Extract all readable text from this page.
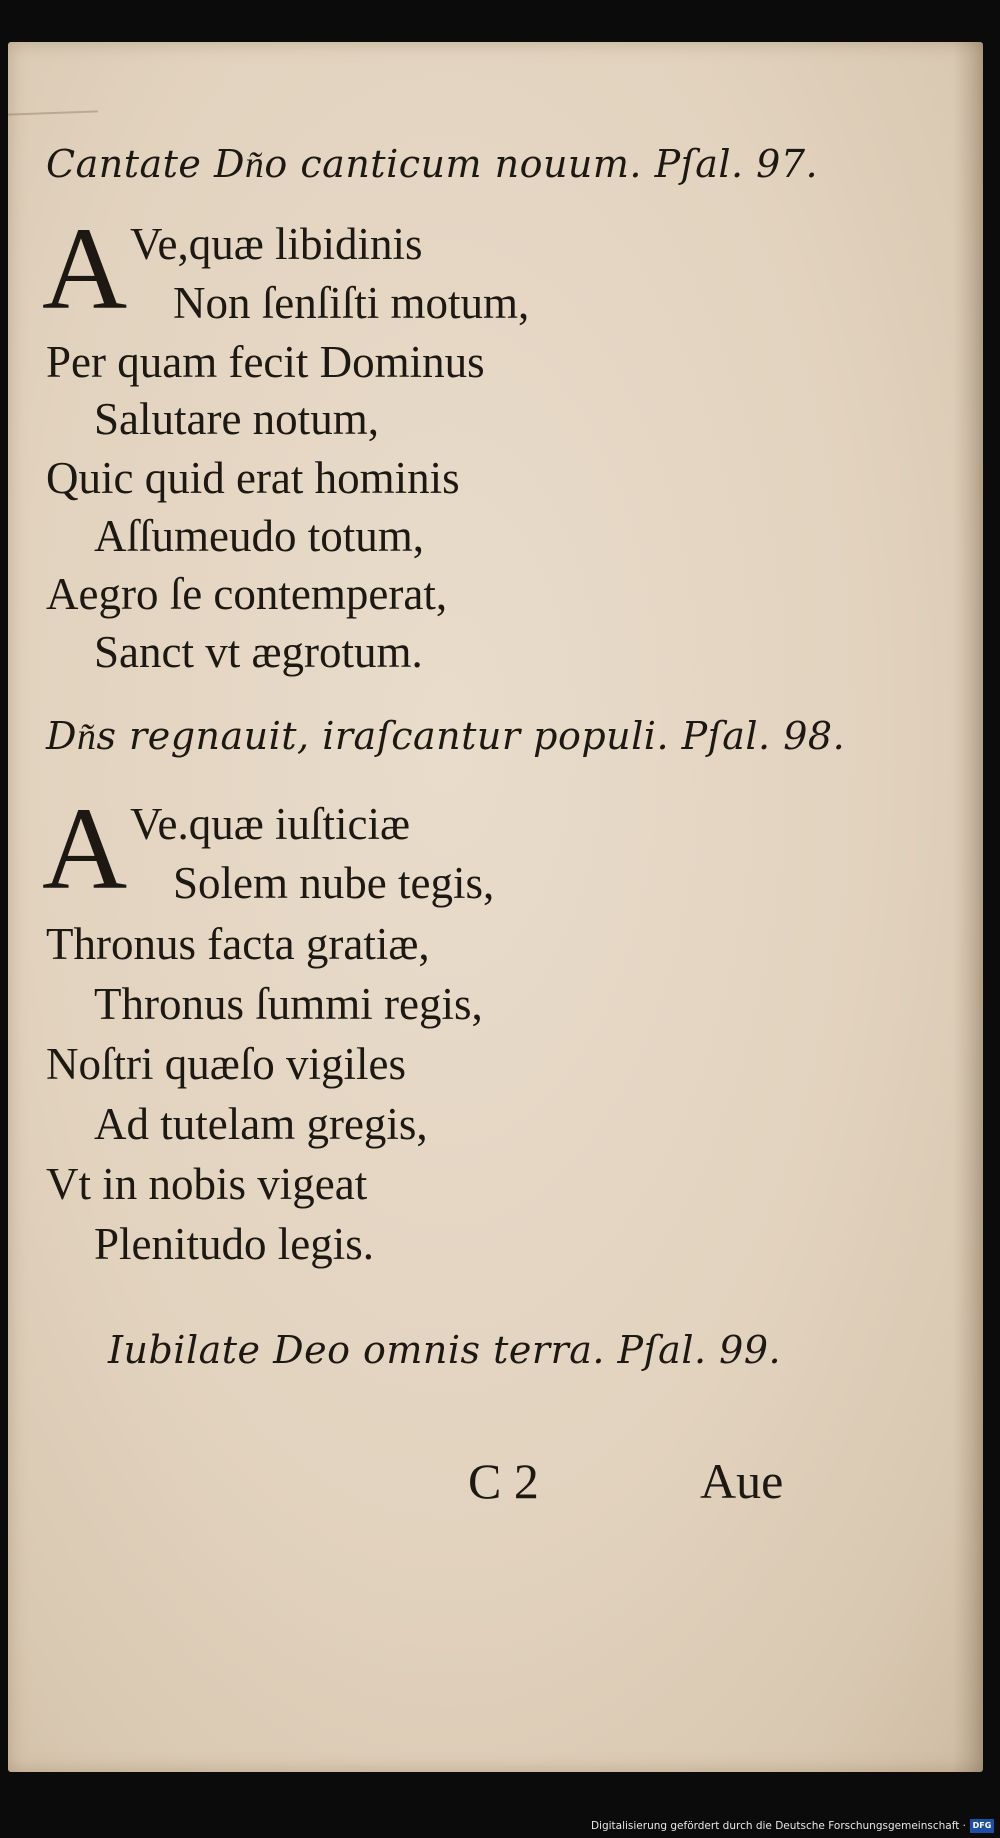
Cantate Dn͂o canticum nouum. Pſal. 97.
A Ve,quæ libidinis
Non ſenſiſti motum,
Per quam fecit Dominus
Salutare notum,
Quic quid erat hominis
Aſſumeudo totum,
Aegro ſe contemperat,
Sanct vt ægrotum.
Dn͂s regnauit, iraſcantur populi. Pſal. 98.
A Ve.quæ iuſticiæ
Solem nube tegis,
Thronus facta gratiæ,
Thronus ſummi regis,
Noſtri quæſo vigiles
Ad tutelam gregis,
Vt in nobis vigeat
Plenitudo legis.
Iubilate Deo omnis terra. Pſal. 99.
C 2	Aue
Digitalisierung gefördert durch die Deutsche Forschungsgemeinschaft · DFG
